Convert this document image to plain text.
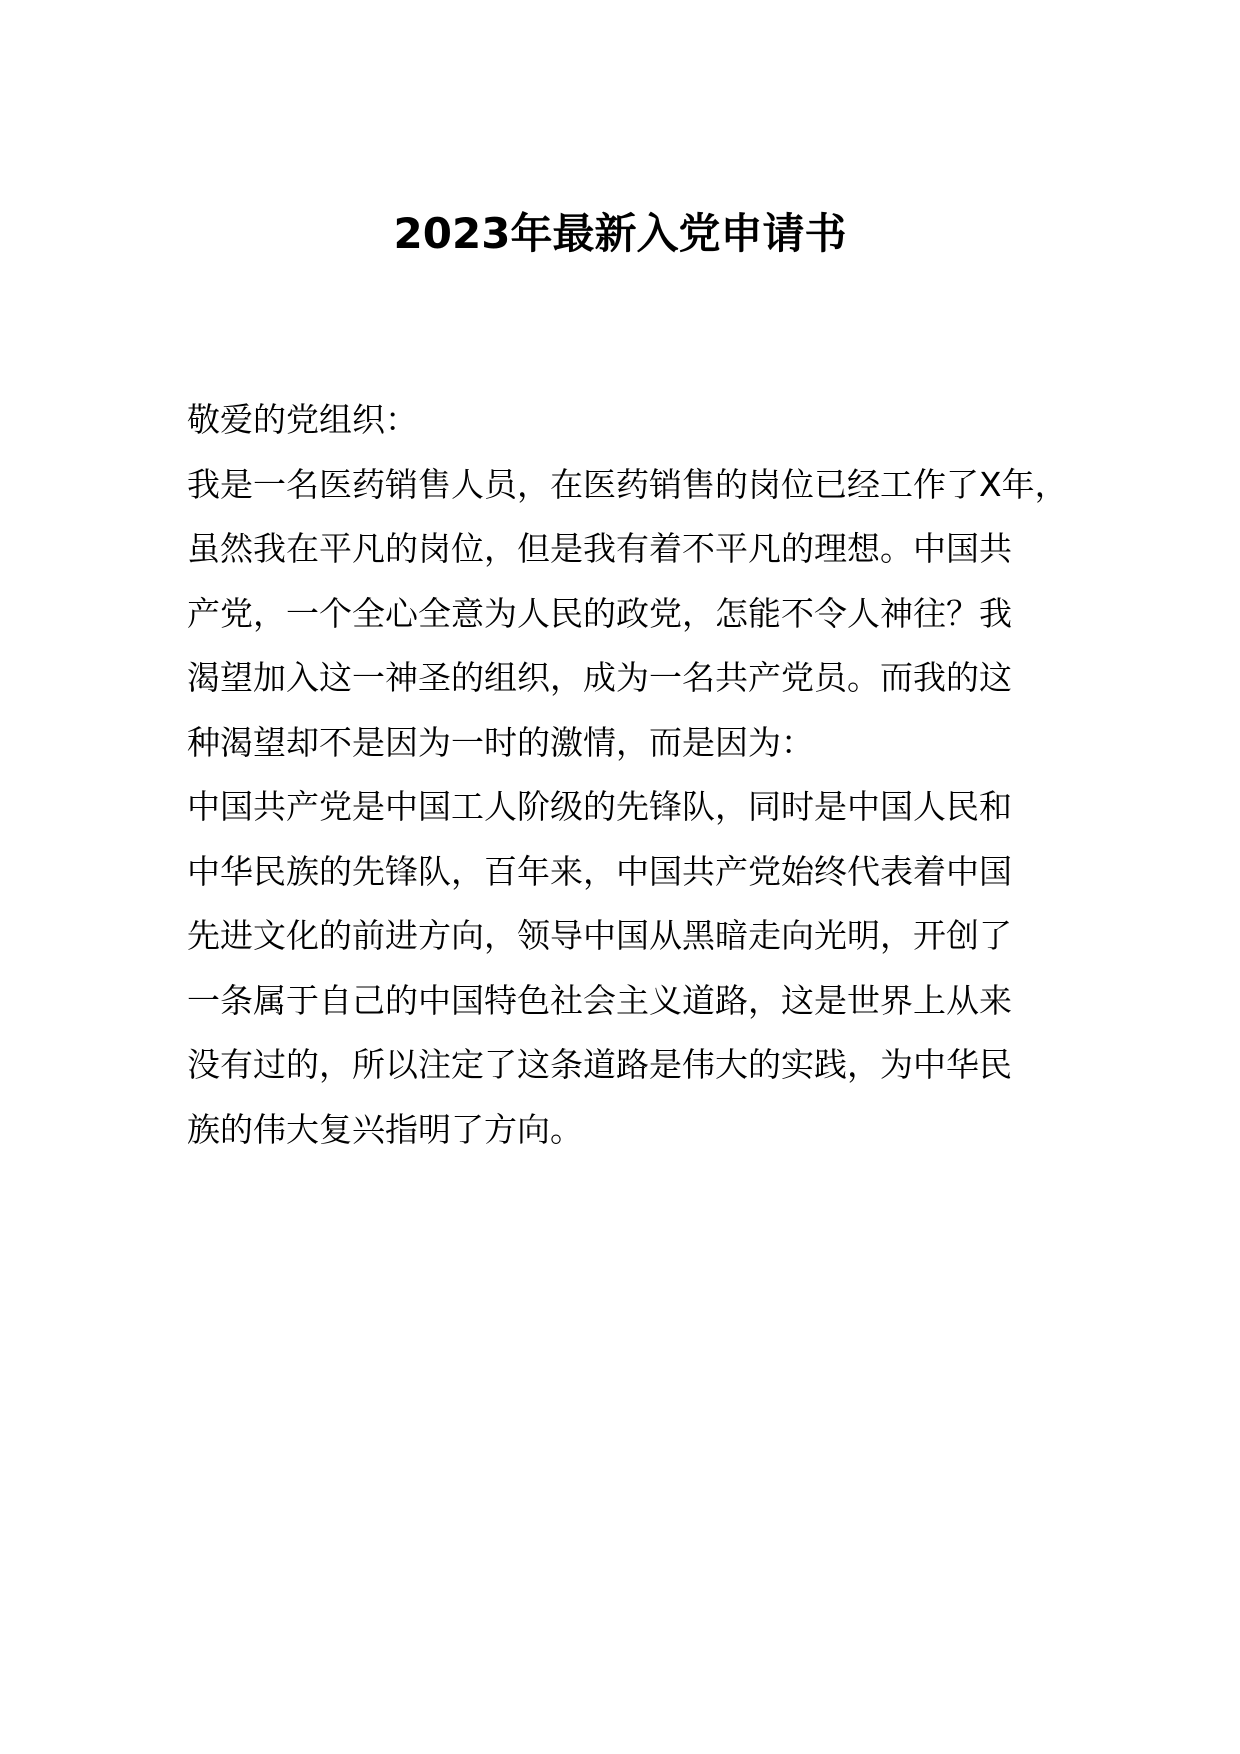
2023年最新入党申请书
敬爱的党组织：
我是一名医药销售人员，在医药销售的岗位已经工作了X年，
虽然我在平凡的岗位，但是我有着不平凡的理想。中国共
产党，一个全心全意为人民的政党，怎能不令人神往？我
渴望加入这一神圣的组织，成为一名共产党员。而我的这
种渴望却不是因为一时的激情，而是因为：
中国共产党是中国工人阶级的先锋队，同时是中国人民和
中华民族的先锋队，百年来，中国共产党始终代表着中国
先进文化的前进方向，领导中国从黑暗走向光明，开创了
一条属于自己的中国特色社会主义道路，这是世界上从来
没有过的，所以注定了这条道路是伟大的实践，为中华民
族的伟大复兴指明了方向。
